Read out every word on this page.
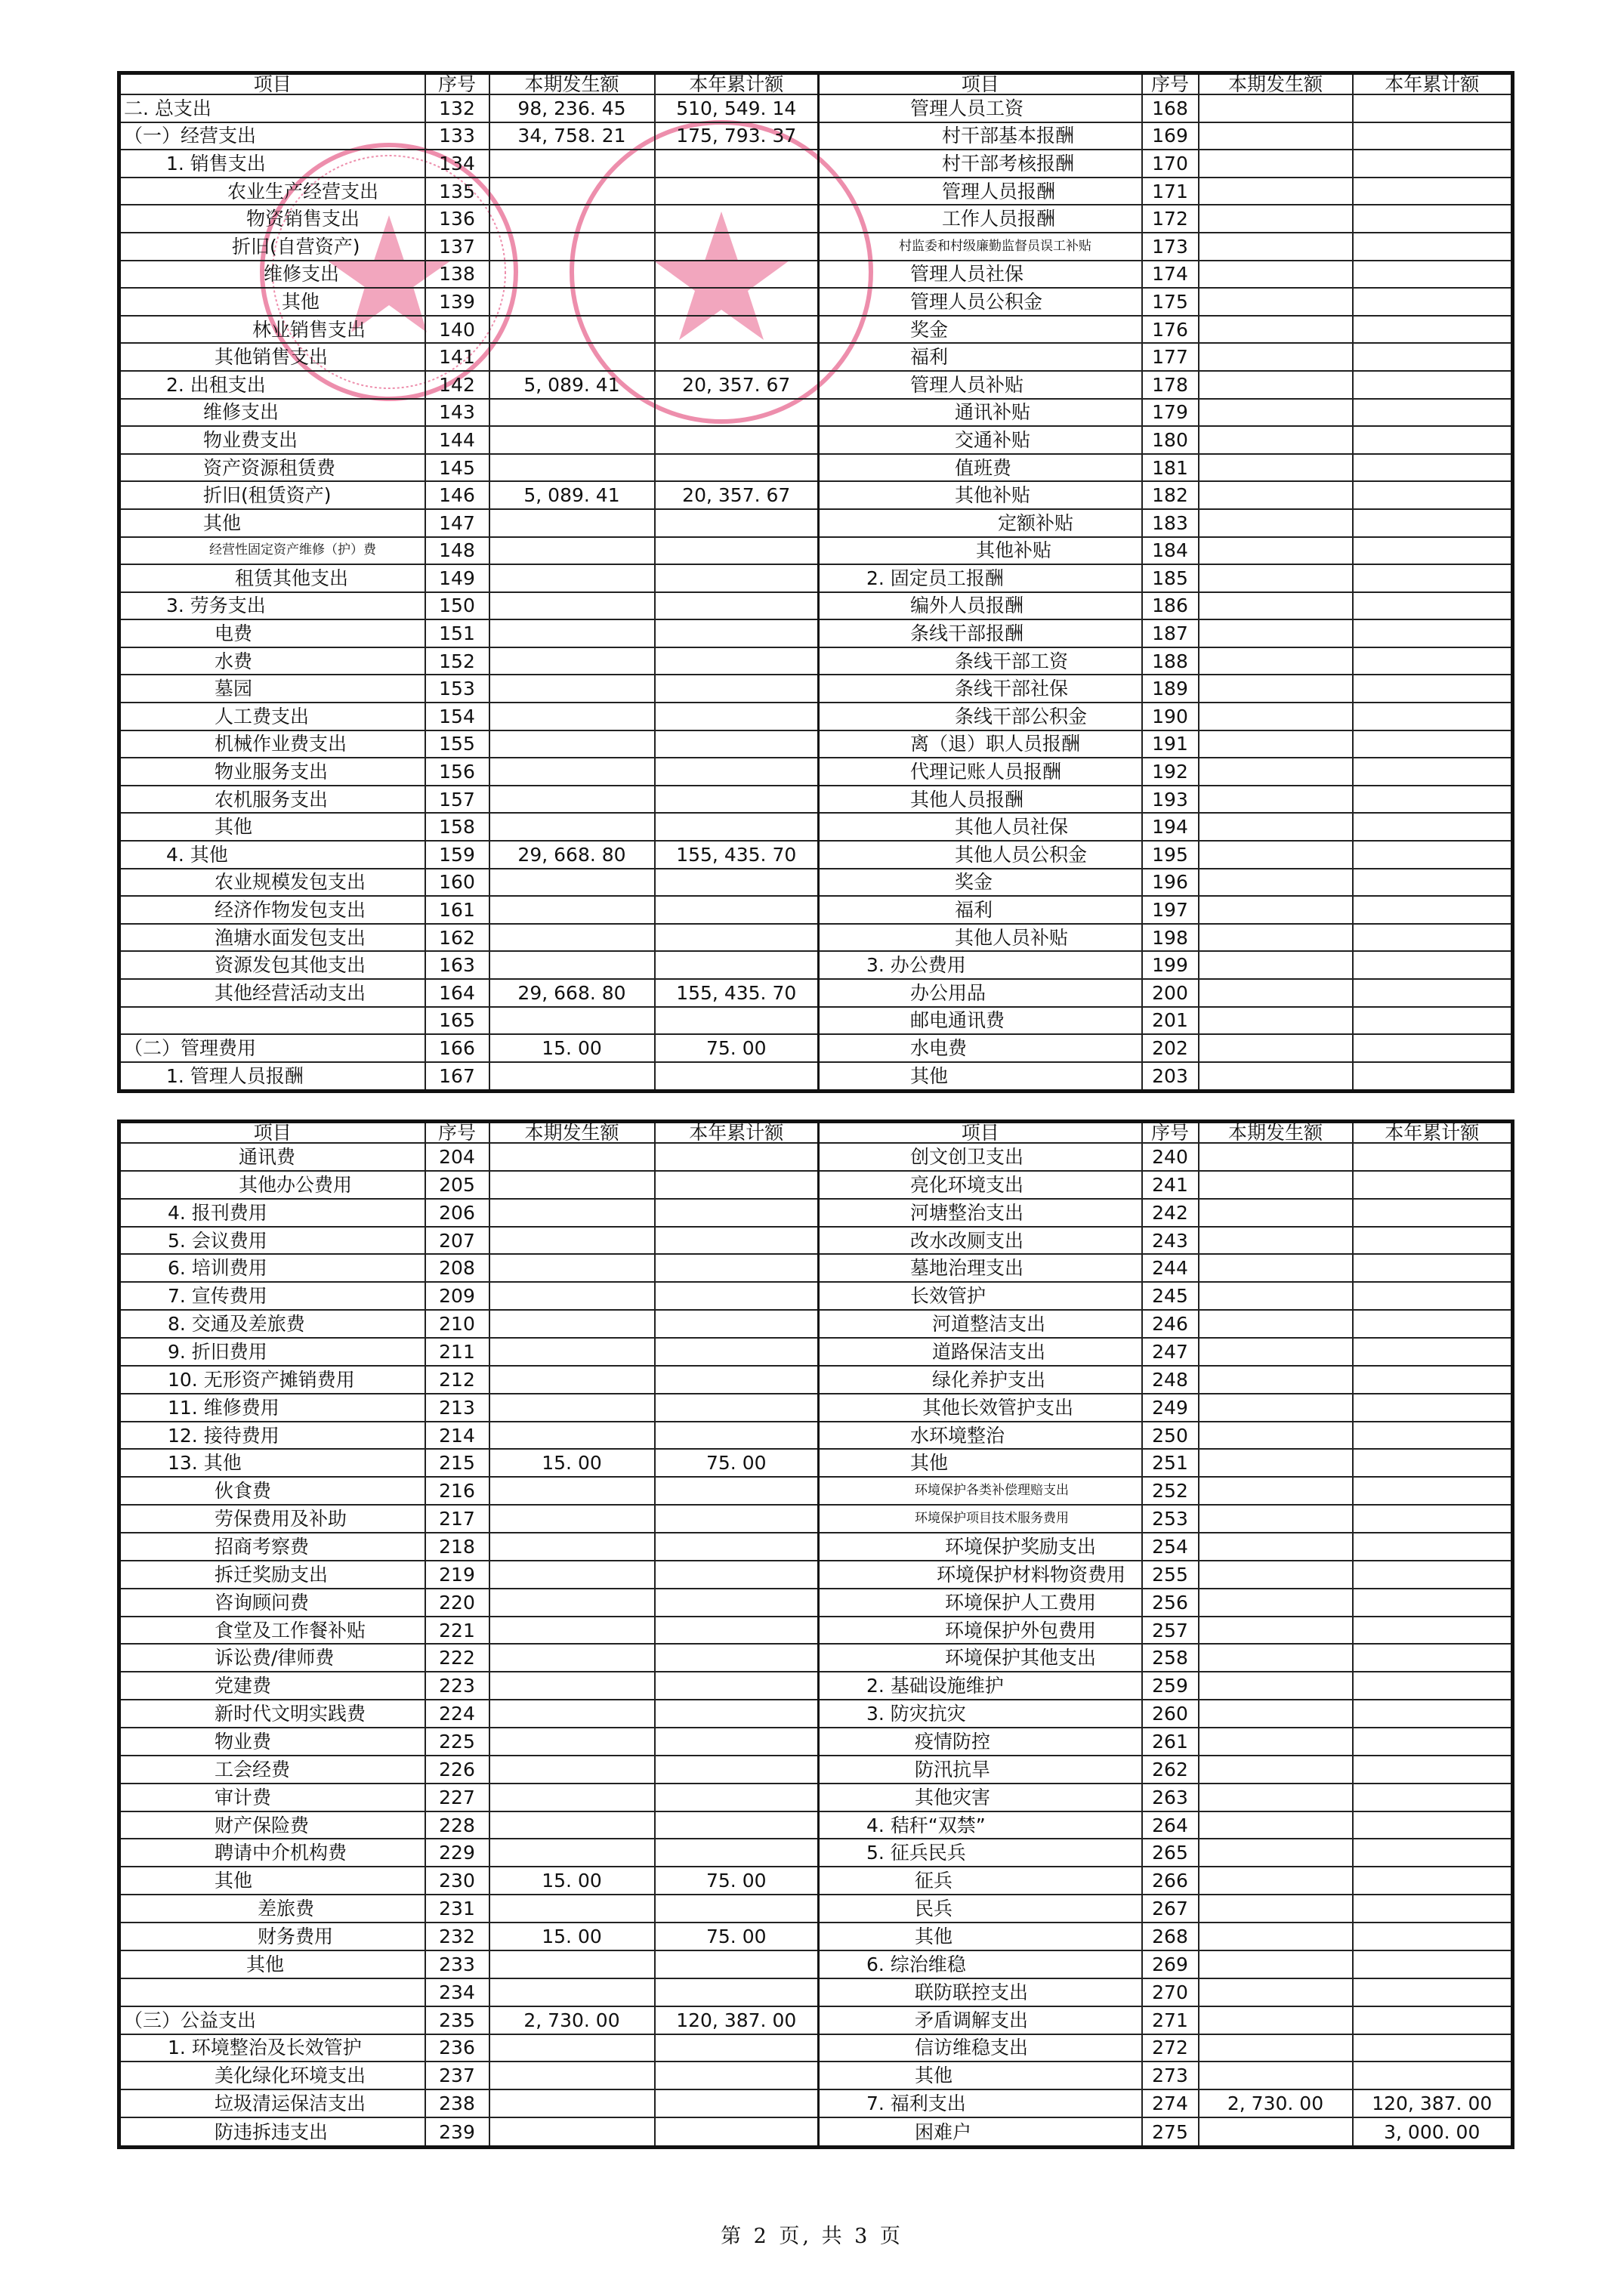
项目	序号	本期发生额	本年累计额	项目	序号	本期发生额	本年累计额
二. 总支出	132	98, 236. 45	510, 549. 14	管理人员工资	168		
（一）经营支出	133	34, 758. 21	175, 793. 37	村干部基本报酬	169		
1. 销售支出	134			村干部考核报酬	170		
农业生产经营支出	135			管理人员报酬	171		
物资销售支出	136			工作人员报酬	172		
折旧(自营资产)	137			村监委和村级廉勤监督员误工补贴	173		
维修支出	138			管理人员社保	174		
其他	139			管理人员公积金	175		
林业销售支出	140			奖金	176		
其他销售支出	141			福利	177		
2. 出租支出	142	5, 089. 41	20, 357. 67	管理人员补贴	178		
维修支出	143			通讯补贴	179		
物业费支出	144			交通补贴	180		
资产资源租赁费	145			值班费	181		
折旧(租赁资产)	146	5, 089. 41	20, 357. 67	其他补贴	182		
其他	147			定额补贴	183		
经营性固定资产维修（护）费	148			其他补贴	184		
租赁其他支出	149			2. 固定员工报酬	185		
3. 劳务支出	150			编外人员报酬	186		
电费	151			条线干部报酬	187		
水费	152			条线干部工资	188		
墓园	153			条线干部社保	189		
人工费支出	154			条线干部公积金	190		
机械作业费支出	155			离（退）职人员报酬	191		
物业服务支出	156			代理记账人员报酬	192		
农机服务支出	157			其他人员报酬	193		
其他	158			其他人员社保	194		
4. 其他	159	29, 668. 80	155, 435. 70	其他人员公积金	195		
农业规模发包支出	160			奖金	196		
经济作物发包支出	161			福利	197		
渔塘水面发包支出	162			其他人员补贴	198		
资源发包其他支出	163			3. 办公费用	199		
其他经营活动支出	164	29, 668. 80	155, 435. 70	办公用品	200		
	165			邮电通讯费	201		
（二）管理费用	166	15. 00	75. 00	水电费	202		
1. 管理人员报酬	167			其他	203		
项目	序号	本期发生额	本年累计额	项目	序号	本期发生额	本年累计额
通讯费	204			创文创卫支出	240		
其他办公费用	205			亮化环境支出	241		
4. 报刊费用	206			河塘整治支出	242		
5. 会议费用	207			改水改厕支出	243		
6. 培训费用	208			墓地治理支出	244		
7. 宣传费用	209			长效管护	245		
8. 交通及差旅费	210			河道整洁支出	246		
9. 折旧费用	211			道路保洁支出	247		
10. 无形资产摊销费用	212			绿化养护支出	248		
11. 维修费用	213			其他长效管护支出	249		
12. 接待费用	214			水环境整治	250		
13. 其他	215	15. 00	75. 00	其他	251		
伙食费	216			环境保护各类补偿理赔支出	252		
劳保费用及补助	217			环境保护项目技术服务费用	253		
招商考察费	218			环境保护奖励支出	254		
拆迁奖励支出	219			环境保护材料物资费用	255		
咨询顾问费	220			环境保护人工费用	256		
食堂及工作餐补贴	221			环境保护外包费用	257		
诉讼费/律师费	222			环境保护其他支出	258		
党建费	223			2. 基础设施维护	259		
新时代文明实践费	224			3. 防灾抗灾	260		
物业费	225			疫情防控	261		
工会经费	226			防汛抗旱	262		
审计费	227			其他灾害	263		
财产保险费	228			4. 秸秆“双禁”	264		
聘请中介机构费	229			5. 征兵民兵	265		
其他	230	15. 00	75. 00	征兵	266		
差旅费	231			民兵	267		
财务费用	232	15. 00	75. 00	其他	268		
其他	233			6. 综治维稳	269		
	234			联防联控支出	270		
（三）公益支出	235	2, 730. 00	120, 387. 00	矛盾调解支出	271		
1. 环境整治及长效管护	236			信访维稳支出	272		
美化绿化环境支出	237			其他	273		
垃圾清运保洁支出	238			7. 福利支出	274	2, 730. 00	120, 387. 00
防违拆违支出	239			困难户	275		3, 000. 00
第 2 页, 共 3 页
